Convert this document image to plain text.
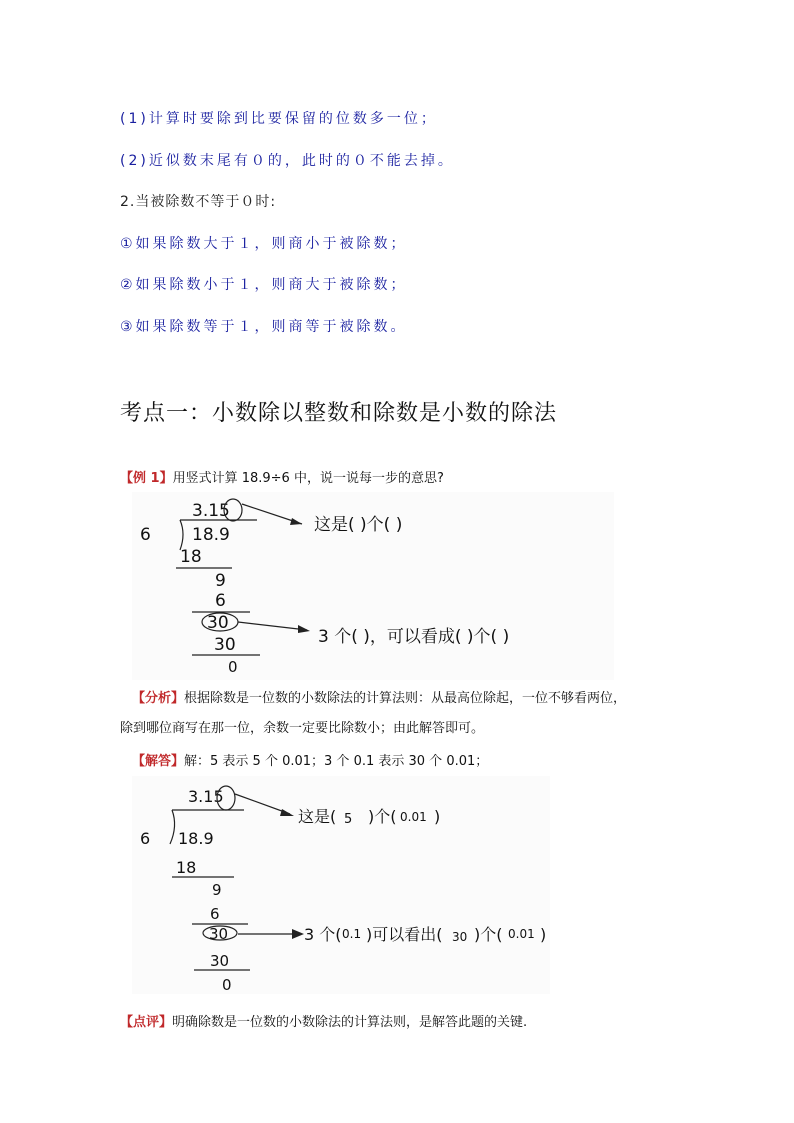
(1)计算时要除到比要保留的位数多一位；
(2)近似数末尾有０的，此时的０不能去掉。
2.当被除数不等于０时:
①如果除数大于１，则商小于被除数；
②如果除数小于１，则商大于被除数；
③如果除数等于１，则商等于被除数。
考点一：小数除以整数和除数是小数的除法
【例 1】用竖式计算 18.9÷6 中，说一说每一步的意思?
3.15
这是( )个( )
6 18.9
18
9
6
30
3 个( )，可以看成( )个( )
30
0
【分析】根据除数是一位数的小数除法的计算法则：从最高位除起，一位不够看两位，
除到哪位商写在那一位，余数一定要比除数小；由此解答即可。
【解答】解：5 表示 5 个 0.01；3 个 0.1 表示 30 个 0.01；
3.15
这是( 5 )个( 0.01 )
6 18.9
18
9
6
30	3 个( 0.1 )可以看出( 30 )个( 0.01 )
30
0
【点评】明确除数是一位数的小数除法的计算法则，是解答此题的关键.
